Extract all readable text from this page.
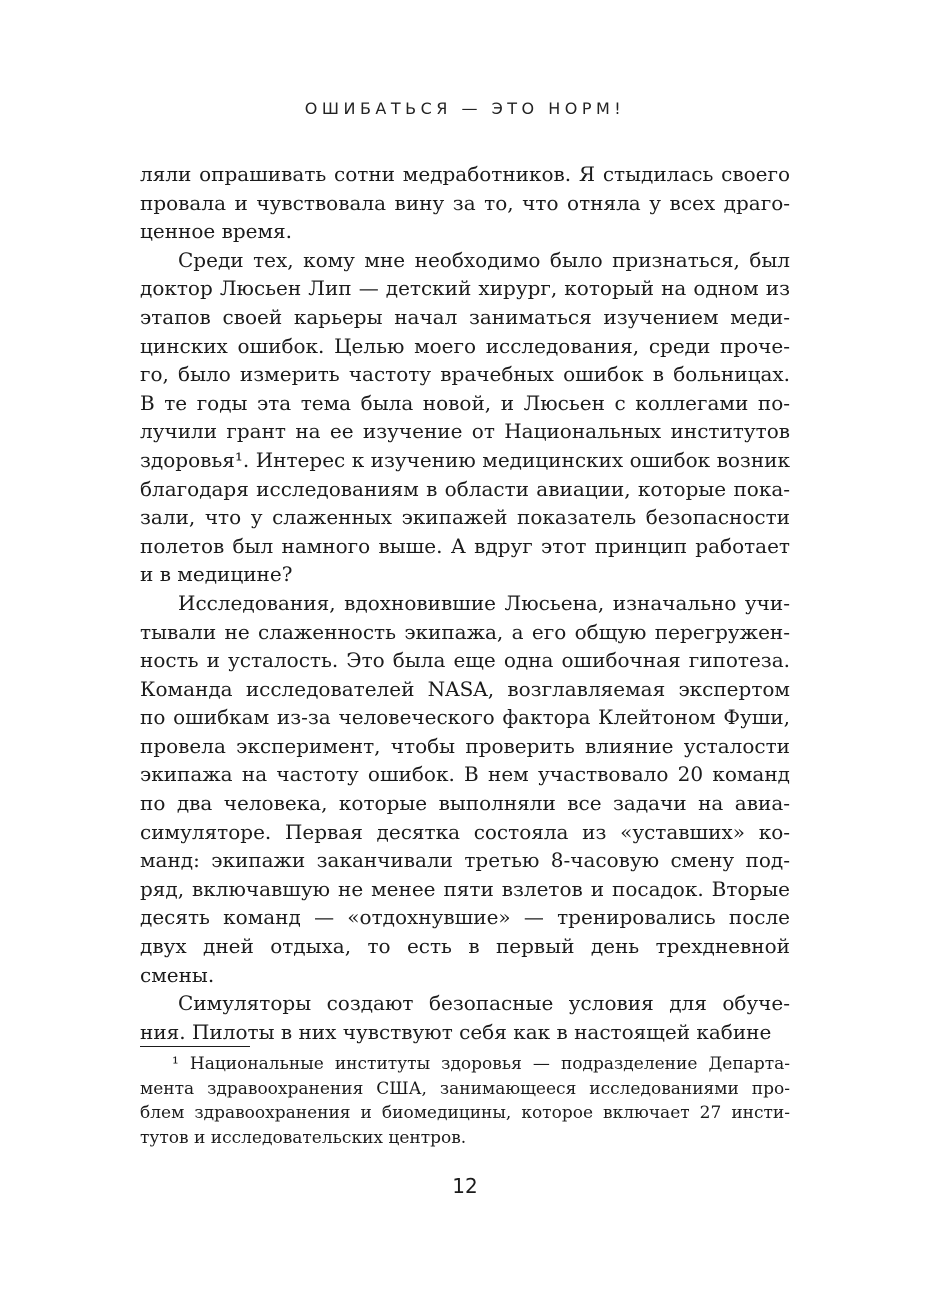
ОШИБАТЬСЯ — ЭТО НОРМ!
ляли опрашивать сотни медработников. Я стыдилась своего
провала и чувствовала вину за то, что отняла у всех драго-
ценное время.
Среди тех, кому мне необходимо было признаться, был
доктор Люсьен Лип — детский хирург, который на одном из
этапов своей карьеры начал заниматься изучением меди-
цинских ошибок. Целью моего исследования, среди проче-
го, было измерить частоту врачебных ошибок в больницах.
В те годы эта тема была новой, и Люсьен с коллегами по-
лучили грант на ее изучение от Национальных институтов
здоровья¹. Интерес к изучению медицинских ошибок возник
благодаря исследованиям в области авиации, которые пока-
зали, что у слаженных экипажей показатель безопасности
полетов был намного выше. А вдруг этот принцип работает
и в медицине?
Исследования, вдохновившие Люсьена, изначально учи-
тывали не слаженность экипажа, а его общую перегружен-
ность и усталость. Это была еще одна ошибочная гипотеза.
Команда исследователей NASA, возглавляемая экспертом
по ошибкам из-за человеческого фактора Клейтоном Фуши,
провела эксперимент, чтобы проверить влияние усталости
экипажа на частоту ошибок. В нем участвовало 20 команд
по два человека, которые выполняли все задачи на авиа-
симуляторе. Первая десятка состояла из «уставших» ко-
манд: экипажи заканчивали третью 8-часовую смену под-
ряд, включавшую не менее пяти взлетов и посадок. Вторые
десять команд — «отдохнувшие» — тренировались после
двух дней отдыха, то есть в первый день трехдневной смены.
Симуляторы создают безопасные условия для обуче-
ния. Пилоты в них чувствуют себя как в настоящей кабине
¹ Национальные институты здоровья — подразделение Департа-
мента здравоохранения США, занимающееся исследованиями про-
блем здравоохранения и биомедицины, которое включает 27 инсти-
тутов и исследовательских центров.
12
